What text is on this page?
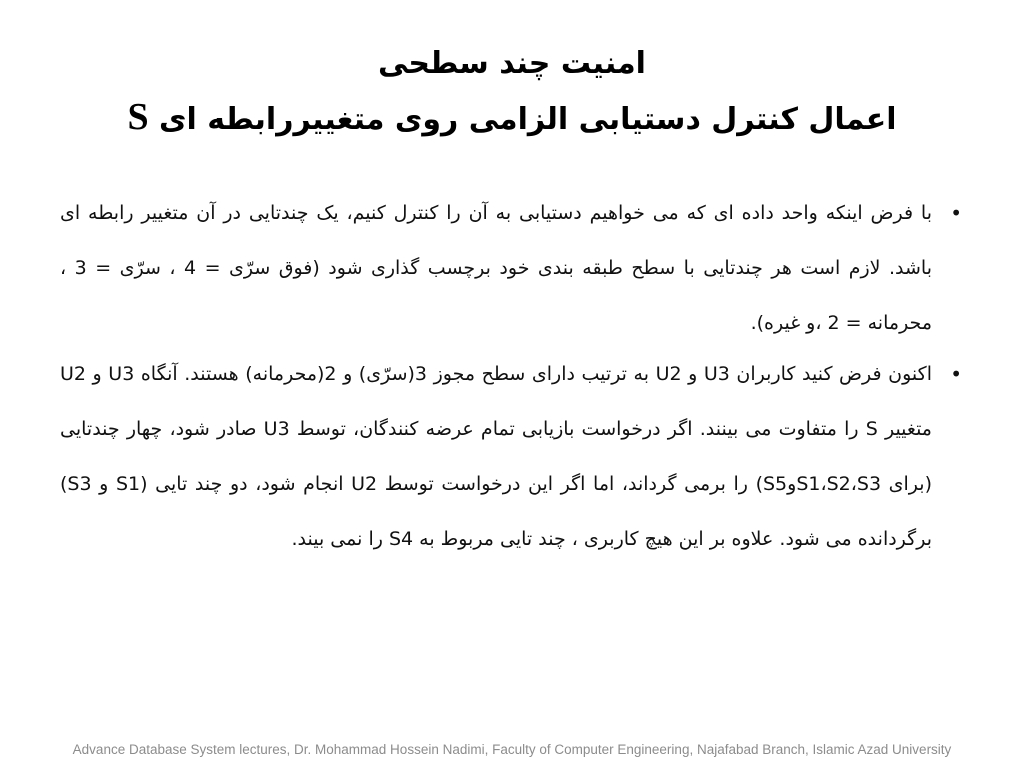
امنیت چند سطحی
اعمال کنترل دستیابی الزامی روی متغییررابطه ای S

•
با فرض اینکه واحد داده ای که می خواهیم دستیابی به آن را کنترل کنیم، یک چندتایی در آن متغییر رابطه ای باشد. لازم است هر چندتایی با سطح طبقه بندی خود برچسب گذاری شود (فوق سرّی = 4 ، سرّی = 3 ، محرمانه = 2 ،و غیره).

•
اکنون فرض کنید کاربران U3 و U2 به ترتیب دارای سطح مجوز 3(سرّی) و 2(محرمانه) هستند. آنگاه U3 و U2 متغییر S را متفاوت می بینند. اگر درخواست بازیابی تمام عرضه کنندگان، توسط U3 صادر شود، چهار چندتایی (برای S1،S2،S3وS5) را برمی گرداند، اما اگر این درخواست توسط U2 انجام شود، دو چند تایی (S1 و S3) برگردانده می شود. علاوه بر این هیچ کاربری ، چند تایی مربوط به S4 را نمی بیند.

Advance Database System lectures, Dr. Mohammad Hossein Nadimi, Faculty of Computer Engineering, Najafabad Branch, Islamic Azad University
